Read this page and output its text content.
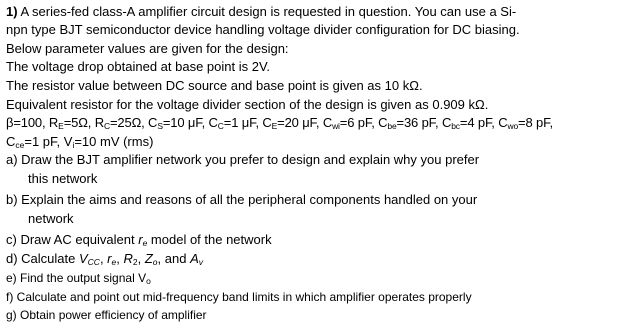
1) A series-fed class-A amplifier circuit design is requested in question. You can use a Si-
npn type BJT semiconductor device handling voltage divider configuration for DC biasing.
Below parameter values are given for the design:
The voltage drop obtained at base point is 2V.
The resistor value between DC source and base point is given as 10 kΩ.
Equivalent resistor for the voltage divider section of the design is given as 0.909 kΩ.
β=100, $R_E=5\Omega$, $R_C=25\Omega$, $C_S=10$ μF, $C_C=1$ μF, $C_E=20$ μF, $C_{wi}=6$ pF, $C_{be}=36$ pF, $C_{bc}=4$ pF, $C_{wo}=8$ pF,
$C_{ce}=1$ pF, $V_i=10$ mV (rms)
a) Draw the BJT amplifier network you prefer to design and explain why you prefer
this network
b) Explain the aims and reasons of all the peripheral components handled on your
network
c) Draw AC equivalent $r_e$ model of the network
d) Calculate $V_{CC}$, $r_e$, $R_2$, $Z_o$, and $A_v$
e) Find the output signal $V_o$
f) Calculate and point out mid-frequency band limits in which amplifier operates properly
g) Obtain power efficiency of amplifier
